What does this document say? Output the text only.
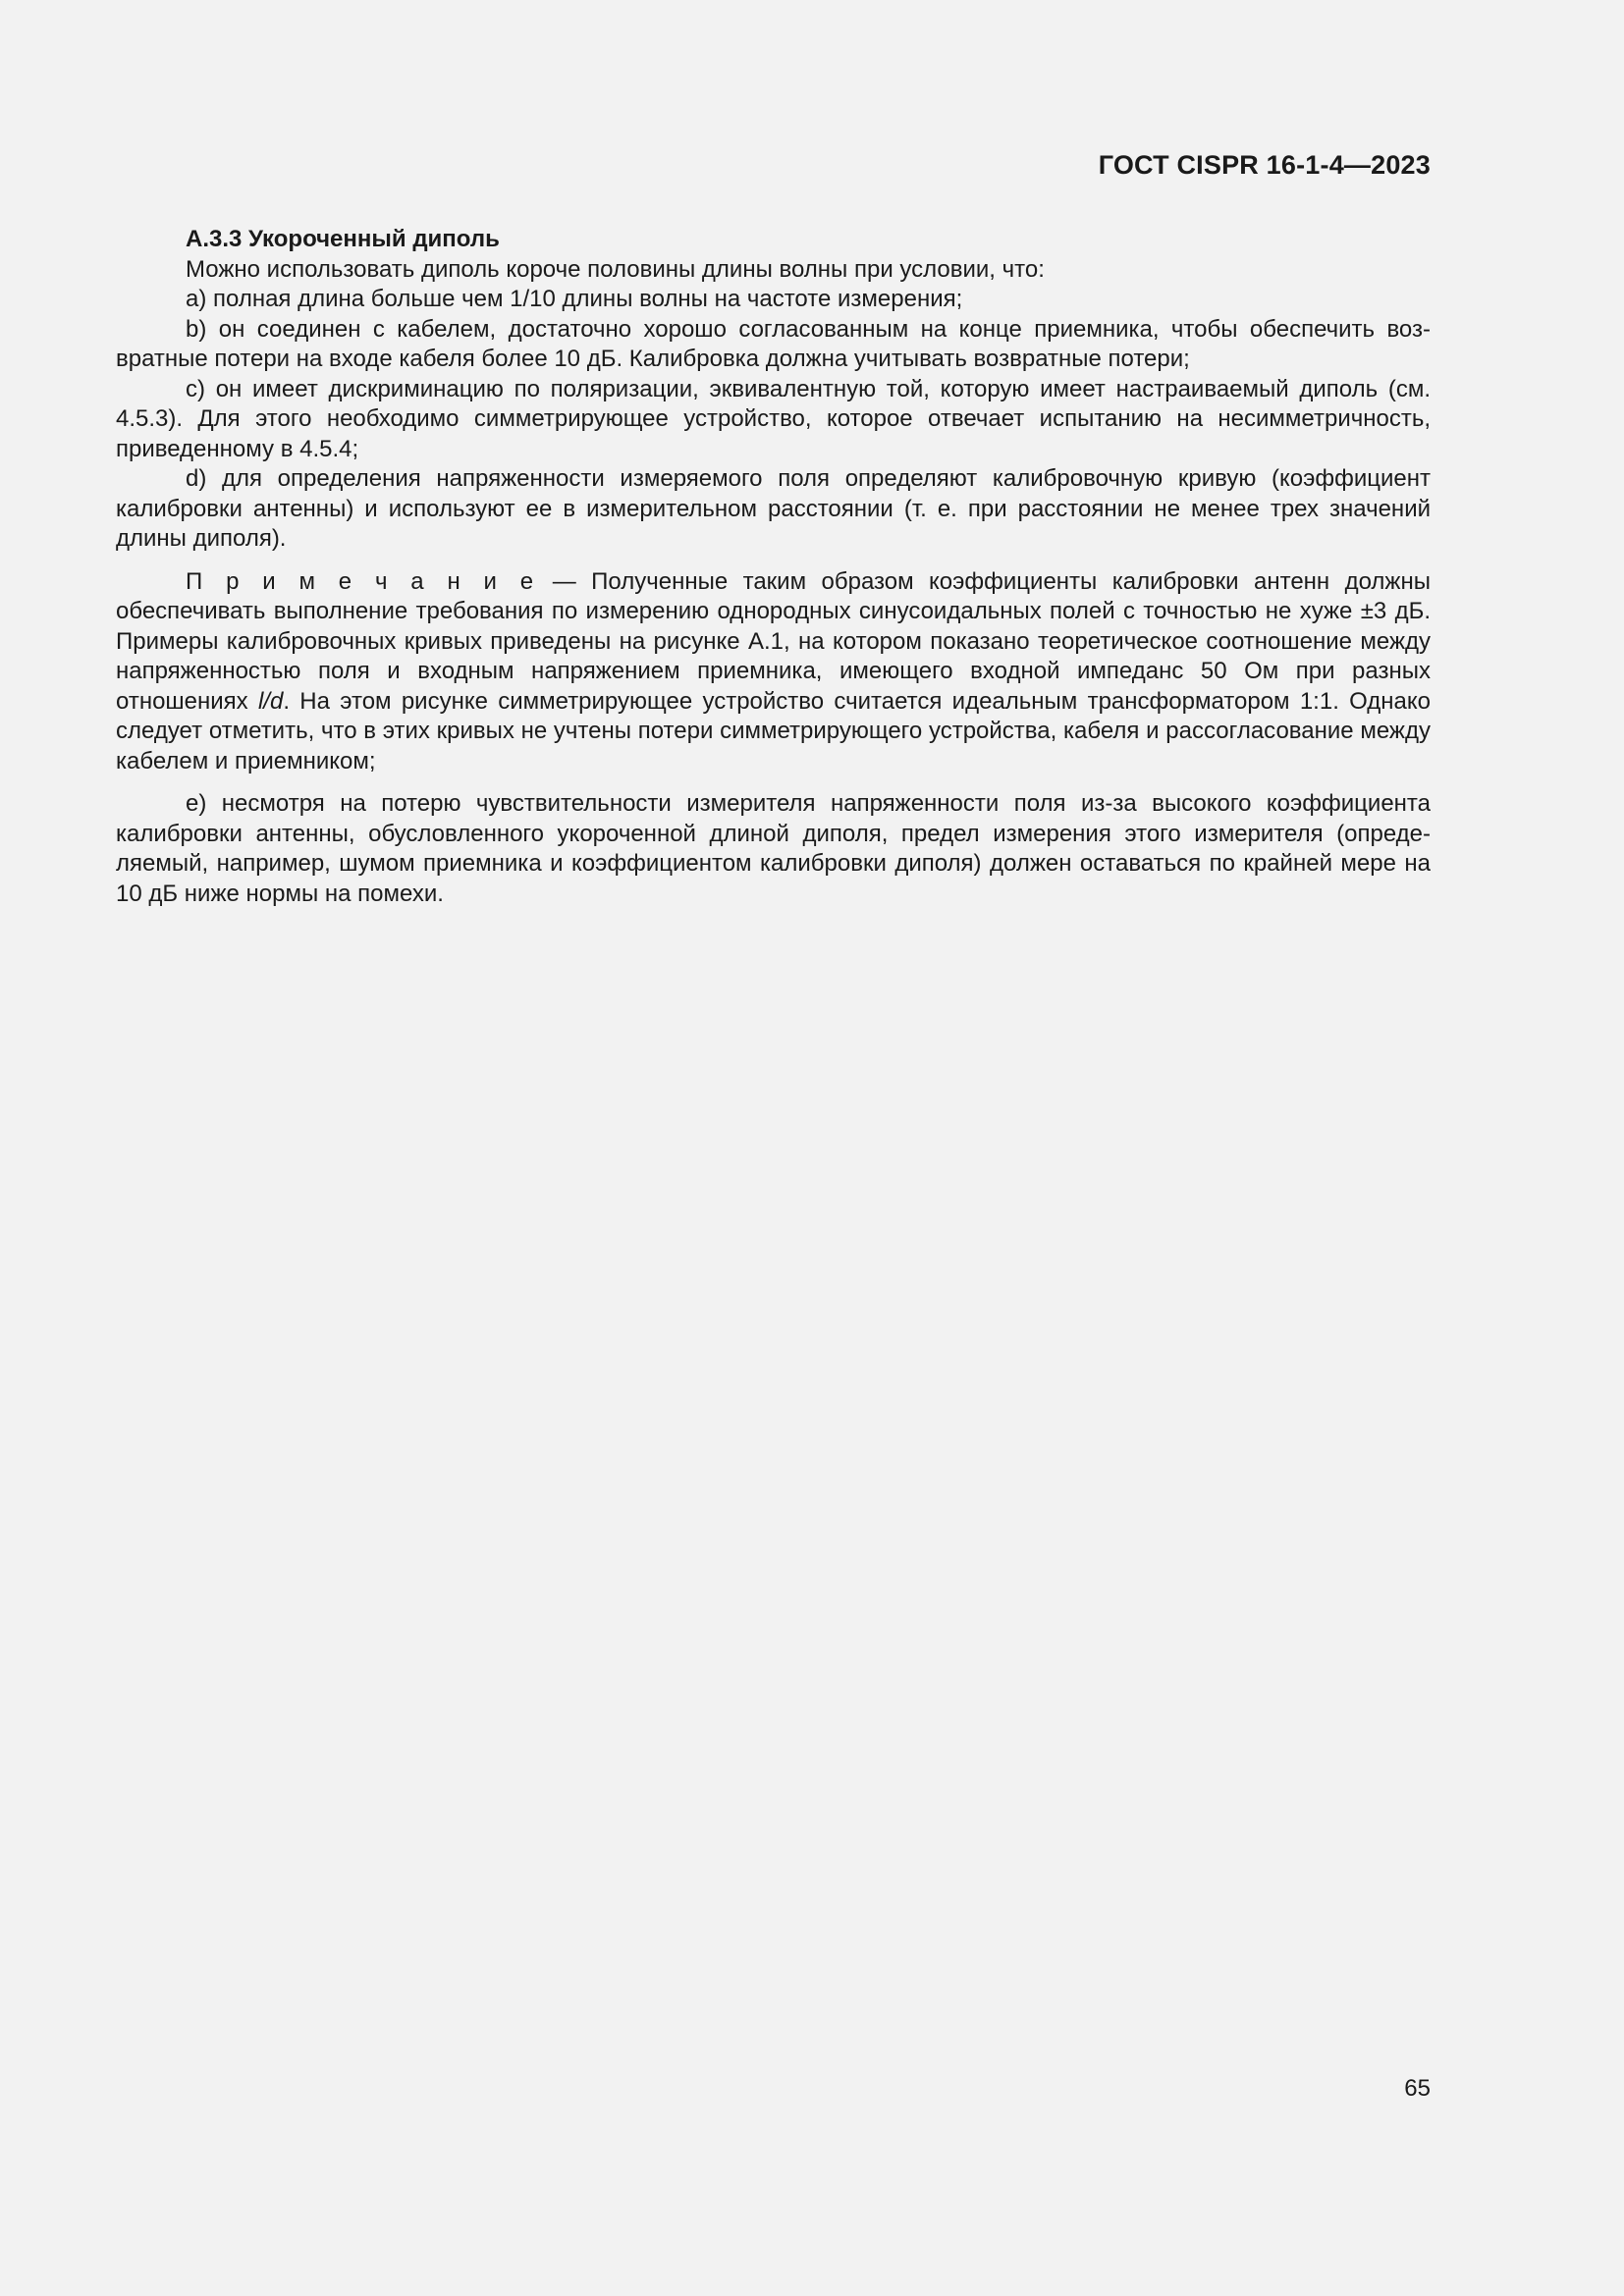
ГОСТ CISPR 16-1-4—2023

А.3.3 Укороченный диполь

Можно использовать диполь короче половины длины волны при условии, что:

а) полная длина больше чем 1/10 длины волны на частоте измерения;

b) он соединен с кабелем, достаточно хорошо согласованным на конце приемника, чтобы обеспечить возвратные потери на входе кабеля более 10 дБ. Калибровка должна учитывать возвратные потери;

c) он имеет дискриминацию по поляризации, эквивалентную той, которую имеет настраиваемый диполь (см. 4.5.3). Для этого необходимо симметрирующее устройство, которое отвечает испытанию на несимметричность, приведенному в 4.5.4;

d) для определения напряженности измеряемого поля определяют калибровочную кривую (коэффициент калибровки антенны) и используют ее в измерительном расстоянии (т. е. при расстоянии не менее трех значений длины диполя).

П р и м е ч а н и е — Полученные таким образом коэффициенты калибровки антенн должны обеспечивать выполнение требования по измерению однородных синусоидальных полей с точностью не хуже ±3 дБ. Примеры калибровочных кривых приведены на рисунке А.1, на котором показано теоретическое соотношение между напряженностью поля и входным напряжением приемника, имеющего входной импеданс 50 Ом при разных отношениях l/d. На этом рисунке симметрирующее устройство считается идеальным трансформатором 1:1. Однако следует отметить, что в этих кривых не учтены потери симметрирующего устройства, кабеля и рассогласование между кабелем и приемником;

e) несмотря на потерю чувствительности измерителя напряженности поля из-за высокого коэффициента калибровки антенны, обусловленного укороченной длиной диполя, предел измерения этого измерителя (определяемый, например, шумом приемника и коэффициентом калибровки диполя) должен оставаться по крайней мере на 10 дБ ниже нормы на помехи.

65
